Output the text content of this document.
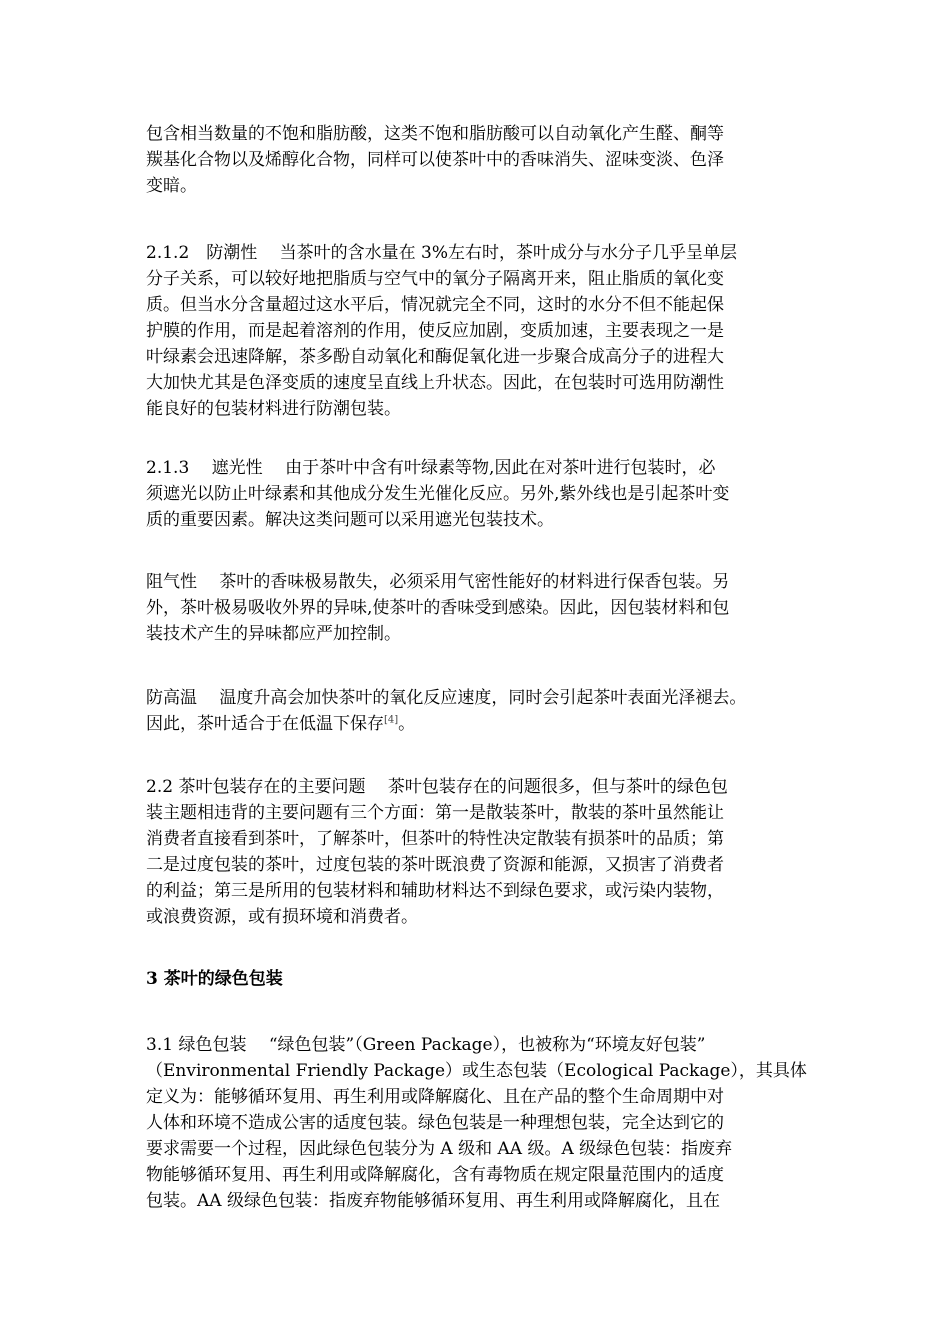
包含相当数量的不饱和脂肪酸，这类不饱和脂肪酸可以自动氧化产生醛、酮等
羰基化合物以及烯醇化合物，同样可以使茶叶中的香味消失、涩味变淡、色泽
变暗。
2.1.2　防潮性　 当茶叶的含水量在 3%左右时，茶叶成分与水分子几乎呈单层
分子关系，可以较好地把脂质与空气中的氧分子隔离开来，阻止脂质的氧化变
质。但当水分含量超过这水平后，情况就完全不同，这时的水分不但不能起保
护膜的作用，而是起着溶剂的作用，使反应加剧，变质加速，主要表现之一是
叶绿素会迅速降解，茶多酚自动氧化和酶促氧化进一步聚合成高分子的进程大
大加快尤其是色泽变质的速度呈直线上升状态。因此，在包装时可选用防潮性
能良好的包装材料进行防潮包装。
2.1.3　 遮光性　 由于茶叶中含有叶绿素等物,因此在对茶叶进行包装时，必
须遮光以防止叶绿素和其他成分发生光催化反应。另外,紫外线也是引起茶叶变
质的重要因素。解决这类问题可以采用遮光包装技术。
阻气性　 茶叶的香味极易散失，必须采用气密性能好的材料进行保香包装。另
外，茶叶极易吸收外界的异味,使茶叶的香味受到感染。因此，因包装材料和包
装技术产生的异味都应严加控制。
防高温　 温度升高会加快茶叶的氧化反应速度，同时会引起茶叶表面光泽褪去。
因此，茶叶适合于在低温下保存[4]。
2.2 茶叶包装存在的主要问题　 茶叶包装存在的问题很多，但与茶叶的绿色包
装主题相违背的主要问题有三个方面：第一是散装茶叶，散装的茶叶虽然能让
消费者直接看到茶叶，了解茶叶，但茶叶的特性决定散装有损茶叶的品质；第
二是过度包装的茶叶，过度包装的茶叶既浪费了资源和能源，又损害了消费者
的利益；第三是所用的包装材料和辅助材料达不到绿色要求，或污染内装物，
或浪费资源，或有损环境和消费者。
3 茶叶的绿色包装
3.1 绿色包装　 “绿色包装”（Green Package），也被称为“环境友好包装”
（Environmental Friendly Package）或生态包装（Ecological Package），其具体
定义为：能够循环复用、再生利用或降解腐化、且在产品的整个生命周期中对
人体和环境不造成公害的适度包装。绿色包装是一种理想包装，完全达到它的
要求需要一个过程，因此绿色包装分为 A 级和 AA 级。A 级绿色包装：指废弃
物能够循环复用、再生利用或降解腐化，含有毒物质在规定限量范围内的适度
包装。AA 级绿色包装：指废弃物能够循环复用、再生利用或降解腐化，且在
